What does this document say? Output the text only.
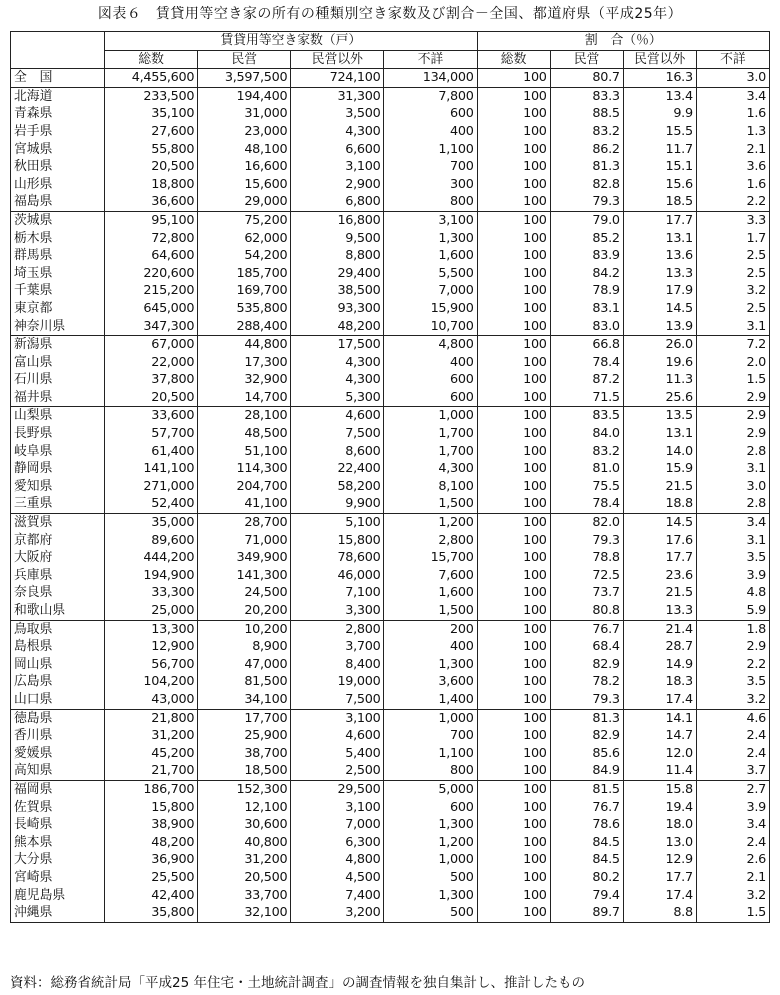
図表６　賃貸用等空き家の所有の種類別空き家数及び割合－全国、都道府県（平成25年）
	賃貸用等空き家数（戸）				割　合（％）			
	総数	民営	民営以外	不詳	総数	民営	民営以外	不詳
全　国	4,455,600	3,597,500	724,100	134,000	100	80.7	16.3	3.0
北海道	233,500	194,400	31,300	7,800	100	83.3	13.4	3.4
青森県	35,100	31,000	3,500	600	100	88.5	9.9	1.6
岩手県	27,600	23,000	4,300	400	100	83.2	15.5	1.3
宮城県	55,800	48,100	6,600	1,100	100	86.2	11.7	2.1
秋田県	20,500	16,600	3,100	700	100	81.3	15.1	3.6
山形県	18,800	15,600	2,900	300	100	82.8	15.6	1.6
福島県	36,600	29,000	6,800	800	100	79.3	18.5	2.2
茨城県	95,100	75,200	16,800	3,100	100	79.0	17.7	3.3
栃木県	72,800	62,000	9,500	1,300	100	85.2	13.1	1.7
群馬県	64,600	54,200	8,800	1,600	100	83.9	13.6	2.5
埼玉県	220,600	185,700	29,400	5,500	100	84.2	13.3	2.5
千葉県	215,200	169,700	38,500	7,000	100	78.9	17.9	3.2
東京都	645,000	535,800	93,300	15,900	100	83.1	14.5	2.5
神奈川県	347,300	288,400	48,200	10,700	100	83.0	13.9	3.1
新潟県	67,000	44,800	17,500	4,800	100	66.8	26.0	7.2
富山県	22,000	17,300	4,300	400	100	78.4	19.6	2.0
石川県	37,800	32,900	4,300	600	100	87.2	11.3	1.5
福井県	20,500	14,700	5,300	600	100	71.5	25.6	2.9
山梨県	33,600	28,100	4,600	1,000	100	83.5	13.5	2.9
長野県	57,700	48,500	7,500	1,700	100	84.0	13.1	2.9
岐阜県	61,400	51,100	8,600	1,700	100	83.2	14.0	2.8
静岡県	141,100	114,300	22,400	4,300	100	81.0	15.9	3.1
愛知県	271,000	204,700	58,200	8,100	100	75.5	21.5	3.0
三重県	52,400	41,100	9,900	1,500	100	78.4	18.8	2.8
滋賀県	35,000	28,700	5,100	1,200	100	82.0	14.5	3.4
京都府	89,600	71,000	15,800	2,800	100	79.3	17.6	3.1
大阪府	444,200	349,900	78,600	15,700	100	78.8	17.7	3.5
兵庫県	194,900	141,300	46,000	7,600	100	72.5	23.6	3.9
奈良県	33,300	24,500	7,100	1,600	100	73.7	21.5	4.8
和歌山県	25,000	20,200	3,300	1,500	100	80.8	13.3	5.9
鳥取県	13,300	10,200	2,800	200	100	76.7	21.4	1.8
島根県	12,900	8,900	3,700	400	100	68.4	28.7	2.9
岡山県	56,700	47,000	8,400	1,300	100	82.9	14.9	2.2
広島県	104,200	81,500	19,000	3,600	100	78.2	18.3	3.5
山口県	43,000	34,100	7,500	1,400	100	79.3	17.4	3.2
徳島県	21,800	17,700	3,100	1,000	100	81.3	14.1	4.6
香川県	31,200	25,900	4,600	700	100	82.9	14.7	2.4
愛媛県	45,200	38,700	5,400	1,100	100	85.6	12.0	2.4
高知県	21,700	18,500	2,500	800	100	84.9	11.4	3.7
福岡県	186,700	152,300	29,500	5,000	100	81.5	15.8	2.7
佐賀県	15,800	12,100	3,100	600	100	76.7	19.4	3.9
長崎県	38,900	30,600	7,000	1,300	100	78.6	18.0	3.4
熊本県	48,200	40,800	6,300	1,200	100	84.5	13.0	2.4
大分県	36,900	31,200	4,800	1,000	100	84.5	12.9	2.6
宮崎県	25,500	20,500	4,500	500	100	80.2	17.7	2.1
鹿児島県	42,400	33,700	7,400	1,300	100	79.4	17.4	3.2
沖縄県	35,800	32,100	3,200	500	100	89.7	8.8	1.5
資料：総務省統計局「平成25 年住宅・土地統計調査」の調査情報を独自集計し、推計したもの
